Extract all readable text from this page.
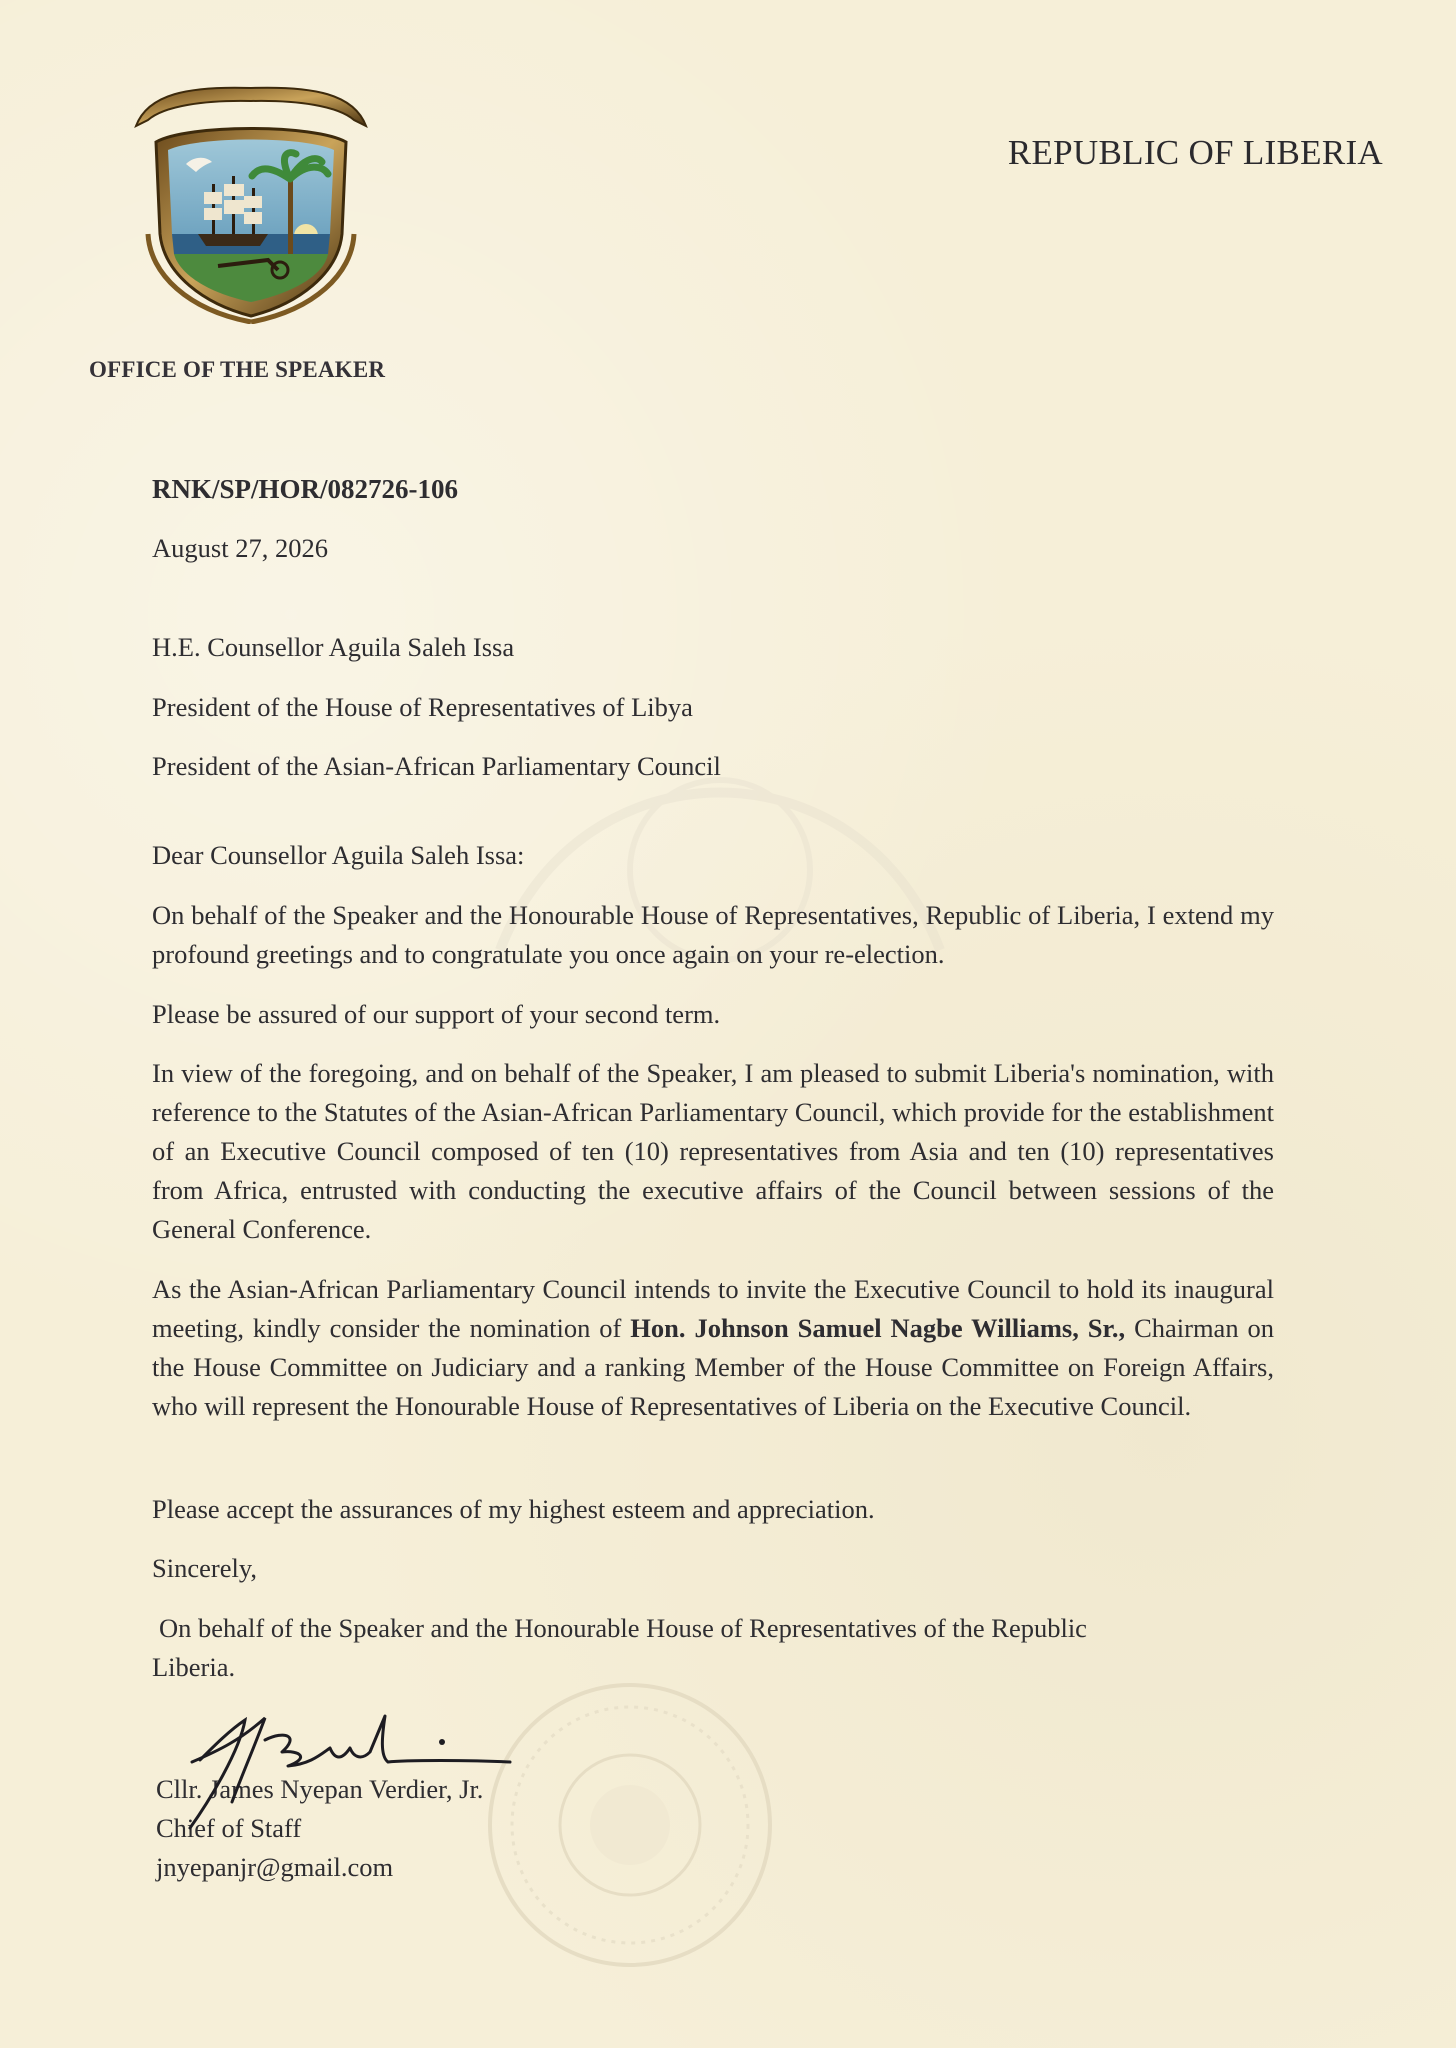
OFFICE OF THE SPEAKER
REPUBLIC OF LIBERIA
RNK/SP/HOR/082726-106
August 27, 2026
H.E. Counsellor Aguila Saleh Issa
President of the House of Representatives of Libya
President of the Asian-African Parliamentary Council
Dear Counsellor Aguila Saleh Issa:
On behalf of the Speaker and the Honourable House of Representatives, Republic of Liberia, I extend my profound greetings and to congratulate you once again on your re-election.
Please be assured of our support of your second term.
In view of the foregoing, and on behalf of the Speaker, I am pleased to submit Liberia's nomination, with reference to the Statutes of the Asian-African Parliamentary Council, which provide for the establishment of an Executive Council composed of ten (10) representatives from Asia and ten (10) representatives from Africa, entrusted with conducting the executive affairs of the Council between sessions of the General Conference.
As the Asian-African Parliamentary Council intends to invite the Executive Council to hold its inaugural meeting, kindly consider the nomination of Hon. Johnson Samuel Nagbe Williams, Sr., Chairman on the House Committee on Judiciary and a ranking Member of the House Committee on Foreign Affairs, who will represent the Honourable House of Representatives of Liberia on the Executive Council.
Please accept the assurances of my highest esteem and appreciation.
Sincerely,
On behalf of the Speaker and the Honourable House of Representatives of the Republic
Liberia.
Cllr. James Nyepan Verdier, Jr.
Chief of Staff
jnyepanjr@gmail.com
